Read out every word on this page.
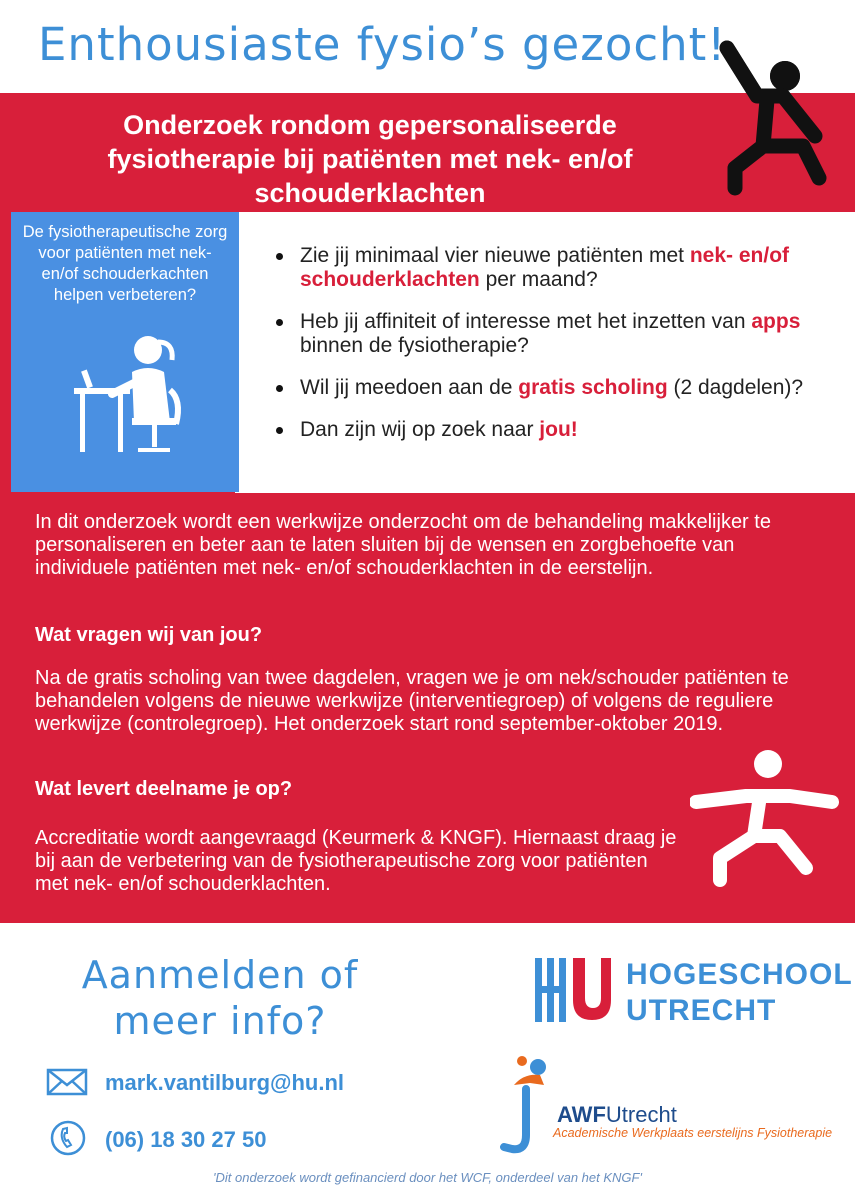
Enthousiaste fysio’s gezocht!
Onderzoek rondom gepersonaliseerde fysiotherapie bij patiënten met nek- en/of schouderklachten
De fysiotherapeutische zorg voor patiënten met nek- en/of schouderkachten helpen verbeteren?
Zie jij minimaal vier nieuwe patiënten met nek- en/of schouderklachten per maand?
Heb jij affiniteit of interesse met het inzetten van apps binnen de fysiotherapie?
Wil jij meedoen aan de gratis scholing (2 dagdelen)?
Dan zijn wij op zoek naar jou!
In dit onderzoek wordt een werkwijze onderzocht om de behandeling makkelijker te personaliseren en beter aan te laten sluiten bij de wensen en zorgbehoefte van individuele patiënten met nek- en/of schouderklachten in de eerstelijn.
Wat vragen wij van jou?
Na de gratis scholing van twee dagdelen, vragen we je om nek/schouder patiënten te behandelen volgens de nieuwe werkwijze (interventiegroep) of volgens de reguliere werkwijze (controlegroep). Het onderzoek start rond september-oktober 2019.
Wat levert deelname je op?
Accreditatie wordt aangevraagd (Keurmerk & KNGF). Hiernaast draag je bij aan de verbetering van de fysiotherapeutische zorg voor patiënten met nek- en/of schouderklachten.
Aanmelden of
meer info?
mark.vantilburg@hu.nl
(06) 18 30 27 50
HOGESCHOOL
UTRECHT
AWFUtrecht
Academische Werkplaats eerstelijns Fysiotherapie
'Dit onderzoek wordt gefinancierd door het WCF, onderdeel van het KNGF'
